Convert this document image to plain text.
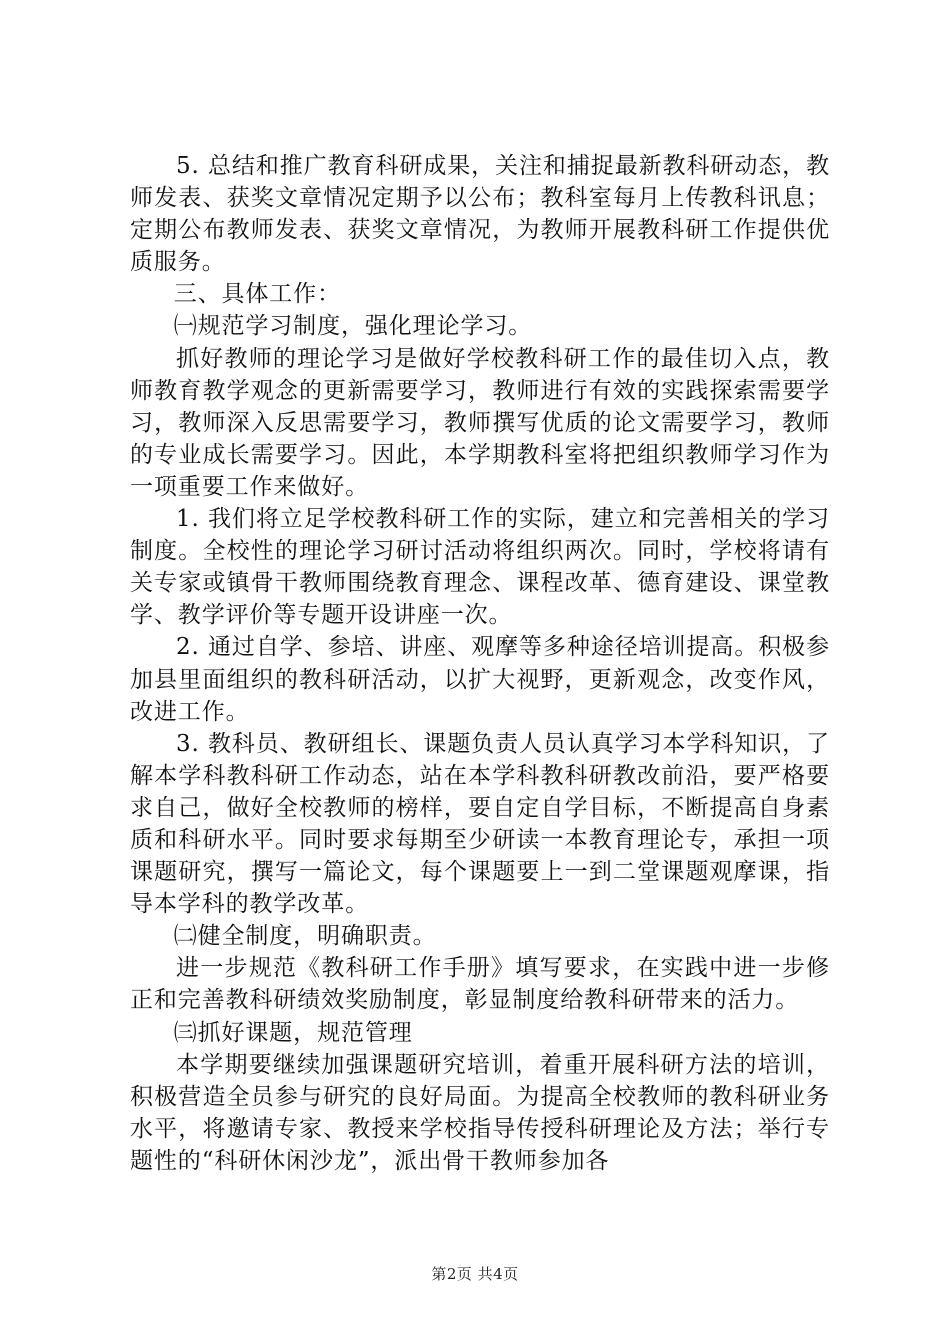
5. 总结和推广教育科研成果，关注和捕捉最新教科研动态，教师发表、获奖文章情况定期予以公布；教科室每月上传教科讯息；定期公布教师发表、获奖文章情况，为教师开展教科研工作提供优质服务。

三、具体工作：

㈠规范学习制度，强化理论学习。

抓好教师的理论学习是做好学校教科研工作的最佳切入点，教师教育教学观念的更新需要学习，教师进行有效的实践探索需要学习，教师深入反思需要学习，教师撰写优质的论文需要学习，教师的专业成长需要学习。因此，本学期教科室将把组织教师学习作为一项重要工作来做好。

1. 我们将立足学校教科研工作的实际，建立和完善相关的学习制度。全校性的理论学习研讨活动将组织两次。同时，学校将请有关专家或镇骨干教师围绕教育理念、课程改革、德育建设、课堂教学、教学评价等专题开设讲座一次。

2. 通过自学、参培、讲座、观摩等多种途径培训提高。积极参加县里面组织的教科研活动，以扩大视野，更新观念，改变作风，改进工作。

3. 教科员、教研组长、课题负责人员认真学习本学科知识，了解本学科教科研工作动态，站在本学科教科研教改前沿，要严格要求自己，做好全校教师的榜样，要自定自学目标，不断提高自身素质和科研水平。同时要求每期至少研读一本教育理论专，承担一项课题研究，撰写一篇论文，每个课题要上一到二堂课题观摩课，指导本学科的教学改革。

㈡健全制度，明确职责。

进一步规范《教科研工作手册》填写要求，在实践中进一步修正和完善教科研绩效奖励制度，彰显制度给教科研带来的活力。

㈢抓好课题，规范管理

本学期要继续加强课题研究培训，着重开展科研方法的培训，积极营造全员参与研究的良好局面。为提高全校教师的教科研业务水平，将邀请专家、教授来学校指导传授科研理论及方法；举行专题性的“科研休闲沙龙”，派出骨干教师参加各

第2页 共4页
